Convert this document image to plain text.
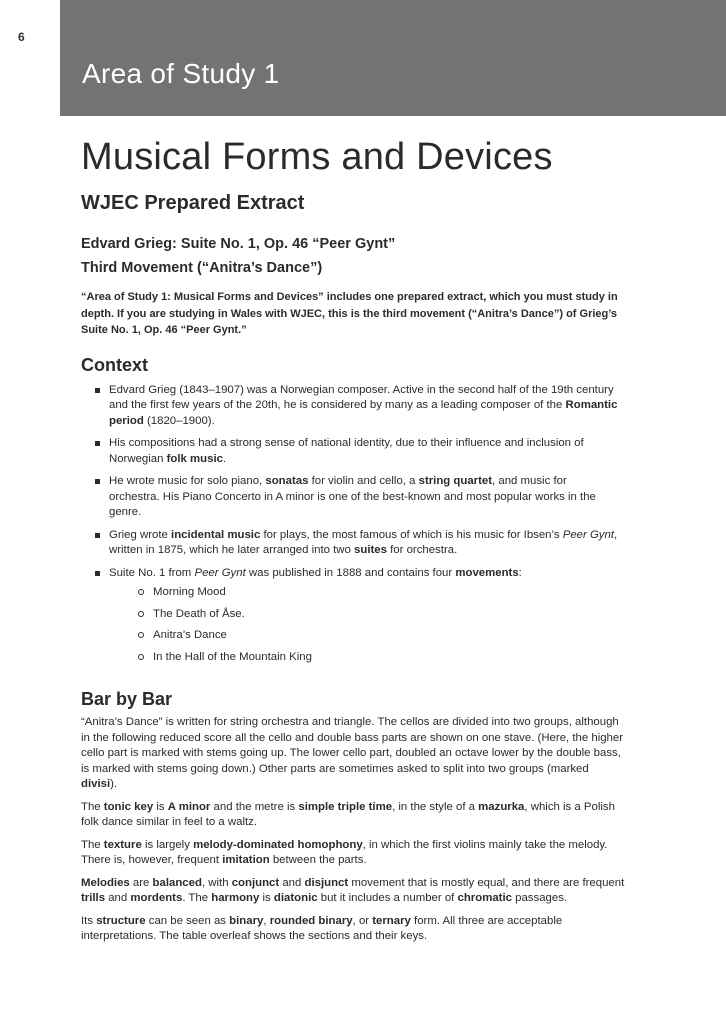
6
Area of Study 1
Musical Forms and Devices
WJEC Prepared Extract
Edvard Grieg: Suite No. 1, Op. 46 “Peer Gynt”
Third Movement (“Anitra’s Dance”)

“Area of Study 1: Musical Forms and Devices” includes one prepared extract, which you must study in depth. If you are studying in Wales with WJEC, this is the third movement (“Anitra’s Dance”) of Grieg’s Suite No. 1, Op. 46 “Peer Gynt.”

Context
Edvard Grieg (1843–1907) was a Norwegian composer. Active in the second half of the 19th century and the first few years of the 20th, he is considered by many as a leading composer of the Romantic period (1820–1900).
His compositions had a strong sense of national identity, due to their influence and inclusion of Norwegian folk music.
He wrote music for solo piano, sonatas for violin and cello, a string quartet, and music for orchestra. His Piano Concerto in A minor is one of the best-known and most popular works in the genre.
Grieg wrote incidental music for plays, the most famous of which is his music for Ibsen’s Peer Gynt, written in 1875, which he later arranged into two suites for orchestra.
Suite No. 1 from Peer Gynt was published in 1888 and contains four movements:
Morning Mood
The Death of Åse.
Anitra’s Dance
In the Hall of the Mountain King
Bar by Bar

“Anitra’s Dance” is written for string orchestra and triangle. The cellos are divided into two groups, although in the following reduced score all the cello and double bass parts are shown on one stave. (Here, the higher cello part is marked with stems going up. The lower cello part, doubled an octave lower by the double bass, is marked with stems going down.) Other parts are sometimes asked to split into two groups (marked divisi).

The tonic key is A minor and the metre is simple triple time, in the style of a mazurka, which is a Polish folk dance similar in feel to a waltz.

The texture is largely melody-dominated homophony, in which the first violins mainly take the melody. There is, however, frequent imitation between the parts.

Melodies are balanced, with conjunct and disjunct movement that is mostly equal, and there are frequent trills and mordents. The harmony is diatonic but it includes a number of chromatic passages.

Its structure can be seen as binary, rounded binary, or ternary form. All three are acceptable interpretations. The table overleaf shows the sections and their keys.
